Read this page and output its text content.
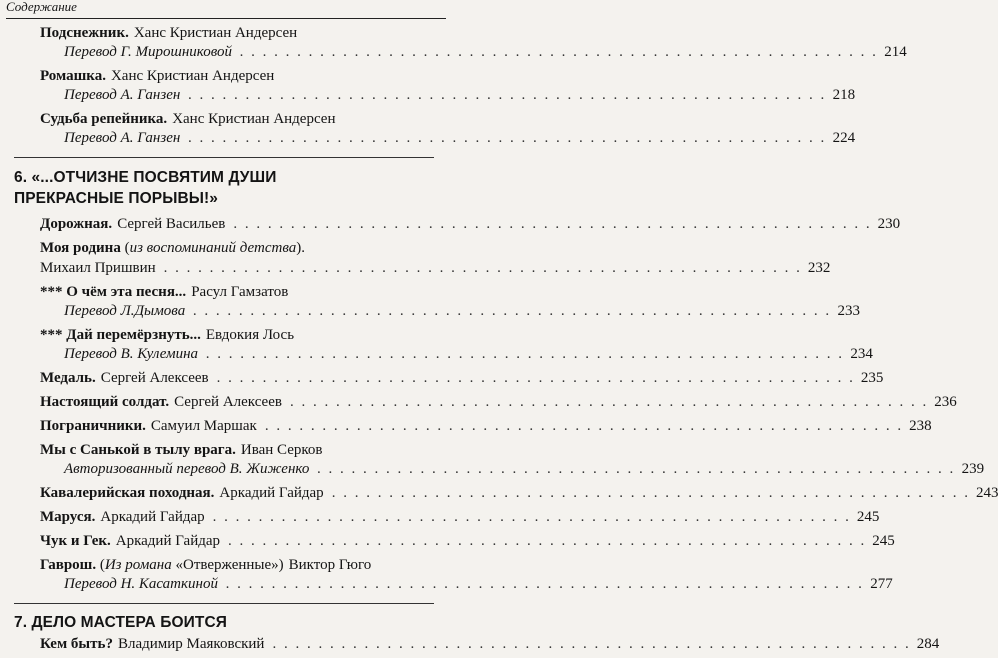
Содержание
Подснежник. Ханс Кристиан Андерсен
Перевод Г. Мирошниковой . . . . . . . . . . . . . . . . . . . . . . . . . . . . . . . . . . . . . . . . . . . . . . . . . . . . . . . . 214
Ромашка. Ханс Кристиан Андерсен
Перевод А. Ганзен . . . . . . . . . . . . . . . . . . . . . . . . . . . . . . . . . . . . . . . . . . . . . . . . . . . . . . . . 218
Судьба репейника. Ханс Кристиан Андерсен
Перевод А. Ганзен . . . . . . . . . . . . . . . . . . . . . . . . . . . . . . . . . . . . . . . . . . . . . . . . . . . . . . . . 224
6. «...ОТЧИЗНЕ ПОСВЯТИМ ДУШИ
ПРЕКРАСНЫЕ ПОРЫВЫ!»
Дорожная. Сергей Васильев . . . . . . . . . . . . . . . . . . . . . . . . . . . . . . . . . . . . . . . . . . . . . . . . . . . . . . . . 230
Моя родина ( из воспоминаний детства ).
Михаил Пришвин . . . . . . . . . . . . . . . . . . . . . . . . . . . . . . . . . . . . . . . . . . . . . . . . . . . . . . . . 232
*** О чём эта песня... Расул Гамзатов
Перевод Л.Дымова . . . . . . . . . . . . . . . . . . . . . . . . . . . . . . . . . . . . . . . . . . . . . . . . . . . . . . . . 233
*** Дай перемёрзнуть... Евдокия Лось
Перевод В. Кулемина . . . . . . . . . . . . . . . . . . . . . . . . . . . . . . . . . . . . . . . . . . . . . . . . . . . . . . . . 234
Медаль. Сергей Алексеев . . . . . . . . . . . . . . . . . . . . . . . . . . . . . . . . . . . . . . . . . . . . . . . . . . . . . . . . 235
Настоящий солдат. Сергей Алексеев . . . . . . . . . . . . . . . . . . . . . . . . . . . . . . . . . . . . . . . . . . . . . . . . . . . . . . . . 236
Пограничники. Самуил Маршак . . . . . . . . . . . . . . . . . . . . . . . . . . . . . . . . . . . . . . . . . . . . . . . . . . . . . . . . 238
Мы с Санькой в тылу врага. Иван Серков
Авторизованный перевод В. Жиженко . . . . . . . . . . . . . . . . . . . . . . . . . . . . . . . . . . . . . . . . . . . . . . . . . . . . . . . . 239
Кавалерийская походная. Аркадий Гайдар . . . . . . . . . . . . . . . . . . . . . . . . . . . . . . . . . . . . . . . . . . . . . . . . . . . . . . . . 243
Маруся. Аркадий Гайдар . . . . . . . . . . . . . . . . . . . . . . . . . . . . . . . . . . . . . . . . . . . . . . . . . . . . . . . . 245
Чук и Гек. Аркадий Гайдар . . . . . . . . . . . . . . . . . . . . . . . . . . . . . . . . . . . . . . . . . . . . . . . . . . . . . . . . 245
Гаврош. ( Из романа «Отверженные») Виктор Гюго
Перевод Н. Касаткиной . . . . . . . . . . . . . . . . . . . . . . . . . . . . . . . . . . . . . . . . . . . . . . . . . . . . . . . . 277
7. ДЕЛО МАСТЕРА БОИТСЯ
Кем быть? Владимир Маяковский . . . . . . . . . . . . . . . . . . . . . . . . . . . . . . . . . . . . . . . . . . . . . . . . . . . . . . . . 284
